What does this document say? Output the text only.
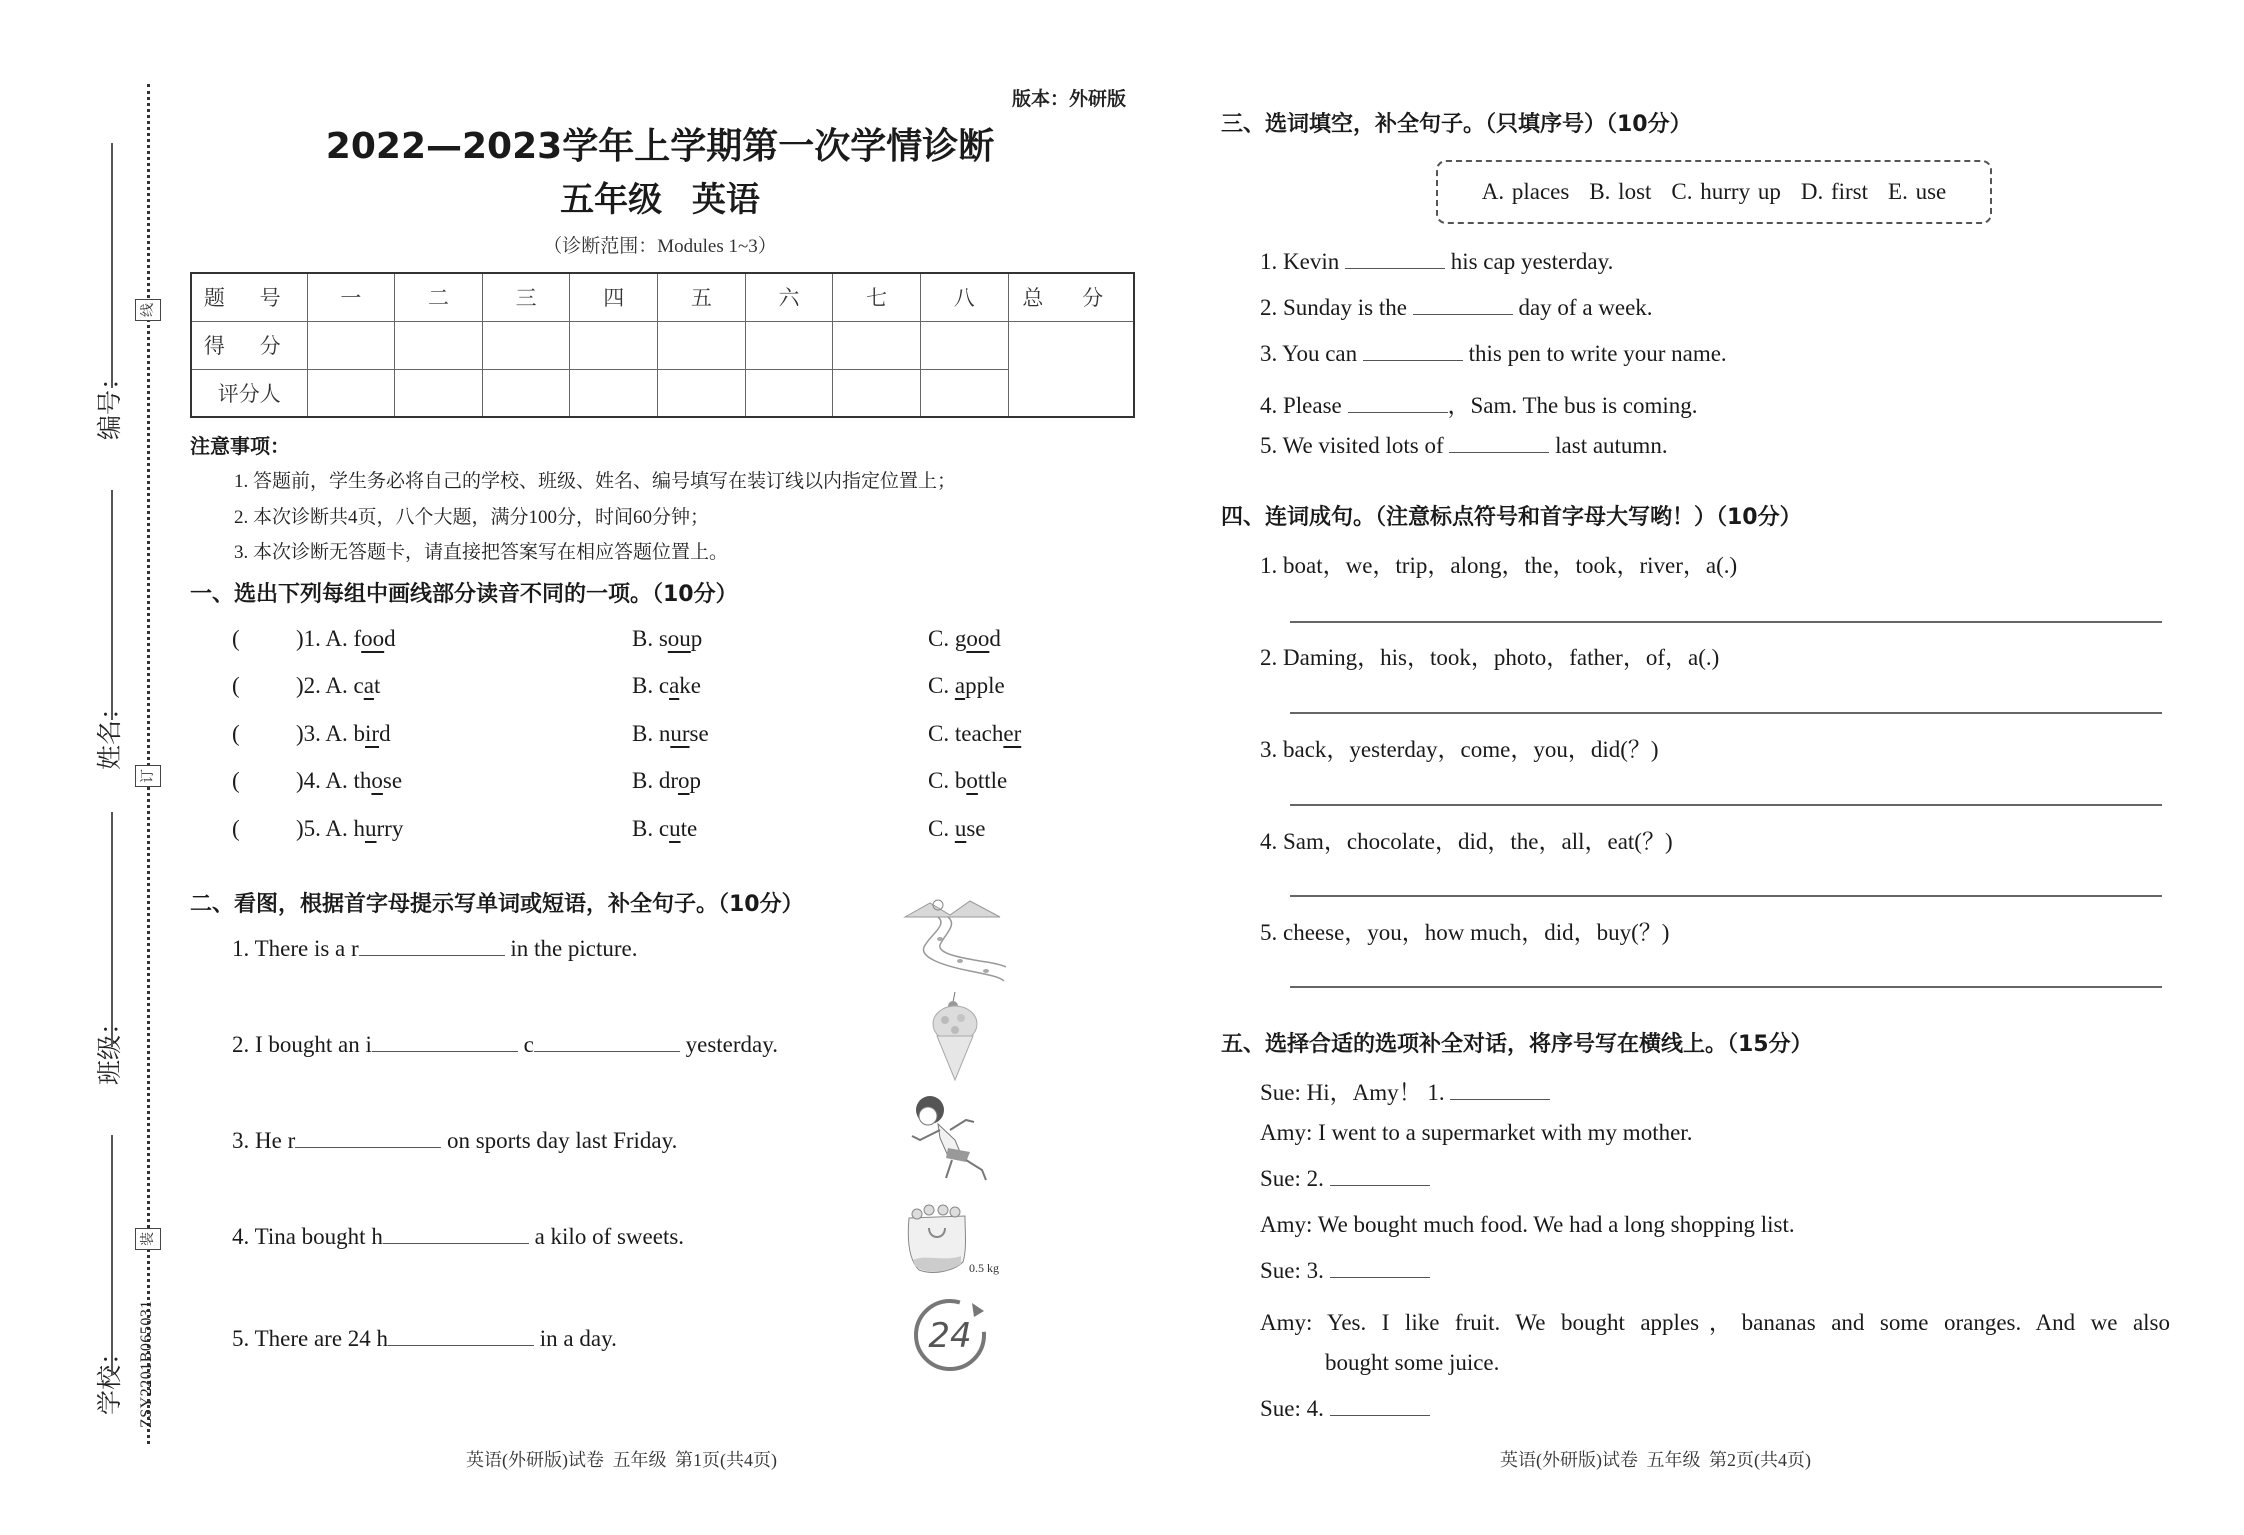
线
订
装
编号：
姓名：
班级：
学校： ZSY2201B065031
版本：外研版
2022—2023学年上学期第一次学情诊断
五年级 英语
（诊断范围：Modules 1~3）
题 号	一	二	三	四	五	六	七	八	总 分
得 分									
评分人									
注意事项：
1. 答题前，学生务必将自己的学校、班级、姓名、编号填写在装订线以内指定位置上；
2. 本次诊断共4页，八个大题，满分100分，时间60分钟；
3. 本次诊断无答题卡，请直接把答案写在相应答题位置上。
一、选出下列每组中画线部分读音不同的一项。（10分）
( )1. A. food	B. soup	C. good
( )2. A. cat	B. cake	C. apple
( )3. A. bird	B. nurse	C. teacher
( )4. A. those	B. drop	C. bottle
( )5. A. hurry	B. cute	C. use
二、看图，根据首字母提示写单词或短语，补全句子。（10分）
1. There is a r	in the picture.
2. I bought an i	c	yesterday.
3. He r	on sports day last Friday.
4. Tina bought h	a kilo of sweets.
5. There are 24 h	in a day.
0.5 kg
24
英语(外研版)试卷 五年级 第1页(共4页)
三、选词填空，补全句子。（只填序号）（10分）
A. places B. lost C. hurry up D. first E. use
1. Kevin	his cap yesterday.
2. Sunday is the	day of a week.
3. You can	this pen to write your name.
4. Please	，Sam. The bus is coming.
5. We visited lots of	last autumn.
四、连词成句。（注意标点符号和首字母大写哟！）（10分）
1. boat，we，trip，along，the，took，river，a(.)
2. Daming，his，took，photo，father，of，a(.)
3. back，yesterday，come，you，did(？)
4. Sam，chocolate，did，the，all，eat(？)
5. cheese，you，how much，did，buy(？)
五、选择合适的选项补全对话，将序号写在横线上。（15分）
Sue: Hi，Amy！ 1.
Amy: I went to a supermarket with my mother.
Sue: 2.
Amy: We bought much food. We had a long shopping list.
Sue: 3.
Amy: Yes. I like fruit. We bought apples，bananas and some oranges. And we also
bought some juice.
Sue: 4.
英语(外研版)试卷 五年级 第2页(共4页)
